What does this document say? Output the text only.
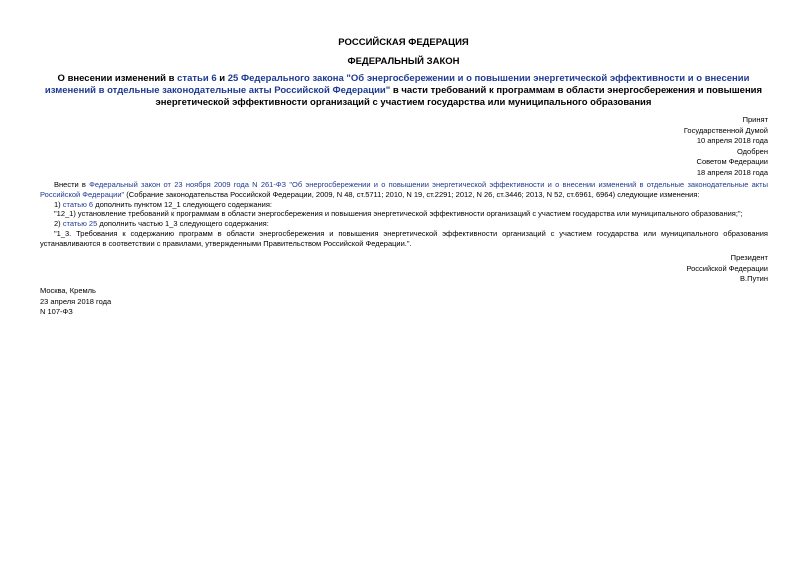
РОССИЙСКАЯ ФЕДЕРАЦИЯ
ФЕДЕРАЛЬНЫЙ ЗАКОН
О внесении изменений в статьи 6 и 25 Федерального закона "Об энергосбережении и о повышении энергетической эффективности и о внесении изменений в отдельные законодательные акты Российской Федерации" в части требований к программам в области энергосбережения и повышения энергетической эффективности организаций с участием государства или муниципального образования
Принят
Государственной Думой
10 апреля 2018 года
Одобрен
Советом Федерации
18 апреля 2018 года

Внести в Федеральный закон от 23 ноября 2009 года N 261-ФЗ "Об энергосбережении и о повышении энергетической эффективности и о внесении изменений в отдельные законодательные акты Российской Федерации" (Собрание законодательства Российской Федерации, 2009, N 48, ст.5711; 2010, N 19, ст.2291; 2012, N 26, ст.3446; 2013, N 52, ст.6961, 6964) следующие изменения:

1) статью 6 дополнить пунктом 12_1 следующего содержания:

"12_1) установление требований к программам в области энергосбережения и повышения энергетической эффективности организаций с участием государства или муниципального образования;";

2) статью 25 дополнить частью 1_3 следующего содержания:

"1_3. Требования к содержанию программ в области энергосбережения и повышения энергетической эффективности организаций с участием государства или муниципального образования устанавливаются в соответствии с правилами, утвержденными Правительством Российской Федерации.".

Президент
Российской Федерации
В.Путин
Москва, Кремль
23 апреля 2018 года
N 107-ФЗ
